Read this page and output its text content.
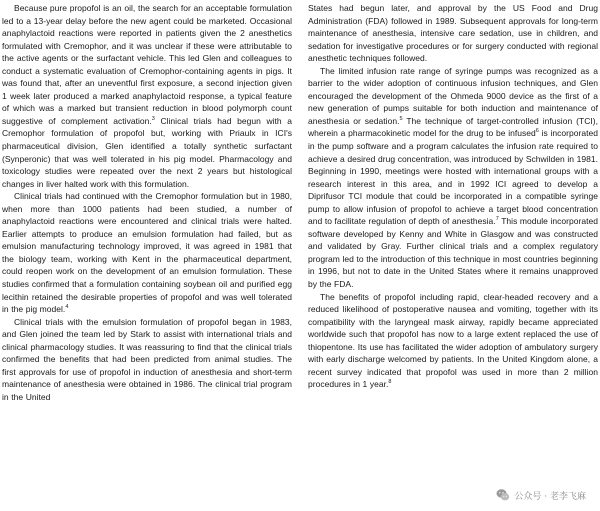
Because pure propofol is an oil, the search for an acceptable formulation led to a 13-year delay before the new agent could be marketed. Occasional anaphylactoid reactions were reported in patients given the 2 anesthetics formulated with Cremophor, and it was unclear if these were attributable to the active agents or the surfactant vehicle. This led Glen and colleagues to conduct a systematic evaluation of Cremophor-containing agents in pigs. It was found that, after an uneventful first exposure, a second injection given 1 week later produced a marked anaphylactoid response, a typical feature of which was a marked but transient reduction in blood polymorph count suggestive of complement activation.$^3$ Clinical trials had begun with a Cremophor formulation of propofol but, working with Priaulx in ICI's pharmaceutical division, Glen identified a totally synthetic surfactant (Synperonic) that was well tolerated in his pig model. Pharmacology and toxicology studies were repeated over the next 2 years but histological changes in liver halted work with this formulation.

Clinical trials had continued with the Cremophor formulation but in 1980, when more than 1000 patients had been studied, a number of anaphylactoid reactions were encountered and clinical trials were halted. Earlier attempts to produce an emulsion formulation had failed, but as emulsion manufacturing technology improved, it was agreed in 1981 that the biology team, working with Kent in the pharmaceutical department, could reopen work on the development of an emulsion formulation. These studies confirmed that a formulation containing soybean oil and purified egg lecithin retained the desirable properties of propofol and was well tolerated in the pig model.$^4$

Clinical trials with the emulsion formulation of propofol began in 1983, and Glen joined the team led by Stark to assist with international trials and clinical pharmacology studies. It was reassuring to find that the clinical trials confirmed the benefits that had been predicted from animal studies. The first approvals for use of propofol in induction of anesthesia and short-term maintenance of anesthesia were obtained in 1986. The clinical trial program in the United

States had begun later, and approval by the US Food and Drug Administration (FDA) followed in 1989. Subsequent approvals for long-term maintenance of anesthesia, intensive care sedation, use in children, and sedation for investigative procedures or for surgery conducted with regional anesthetic techniques followed.

The limited infusion rate range of syringe pumps was recognized as a barrier to the wider adoption of continuous infusion techniques, and Glen encouraged the development of the Ohmeda 9000 device as the first of a new generation of pumps suitable for both induction and maintenance of anesthesia or sedation.$^5$ The technique of target-controlled infusion (TCI), wherein a pharmacokinetic model for the drug to be infused$^6$ is incorporated in the pump software and a program calculates the infusion rate required to achieve a desired drug concentration, was introduced by Schwilden in 1981. Beginning in 1990, meetings were hosted with international groups with a research interest in this area, and in 1992 ICI agreed to develop a Diprifusor TCI module that could be incorporated in a compatible syringe pump to allow infusion of propofol to achieve a target blood concentration and to facilitate regulation of depth of anesthesia.$^7$ This module incorporated software developed by Kenny and White in Glasgow and was constructed and validated by Gray. Further clinical trials and a complex regulatory program led to the introduction of this technique in most countries beginning in 1996, but not to date in the United States where it remains unapproved by the FDA.

The benefits of propofol including rapid, clear-headed recovery and a reduced likelihood of postoperative nausea and vomiting, together with its compatibility with the laryngeal mask airway, rapidly became appreciated worldwide such that propofol has now to a large extent replaced the use of thiopentone. Its use has facilitated the wider adoption of ambulatory surgery with early discharge welcomed by patients. In the United Kingdom alone, a recent survey indicated that propofol was used in more than 2 million procedures in 1 year.$^8$

公众号 · 老李飞麻
